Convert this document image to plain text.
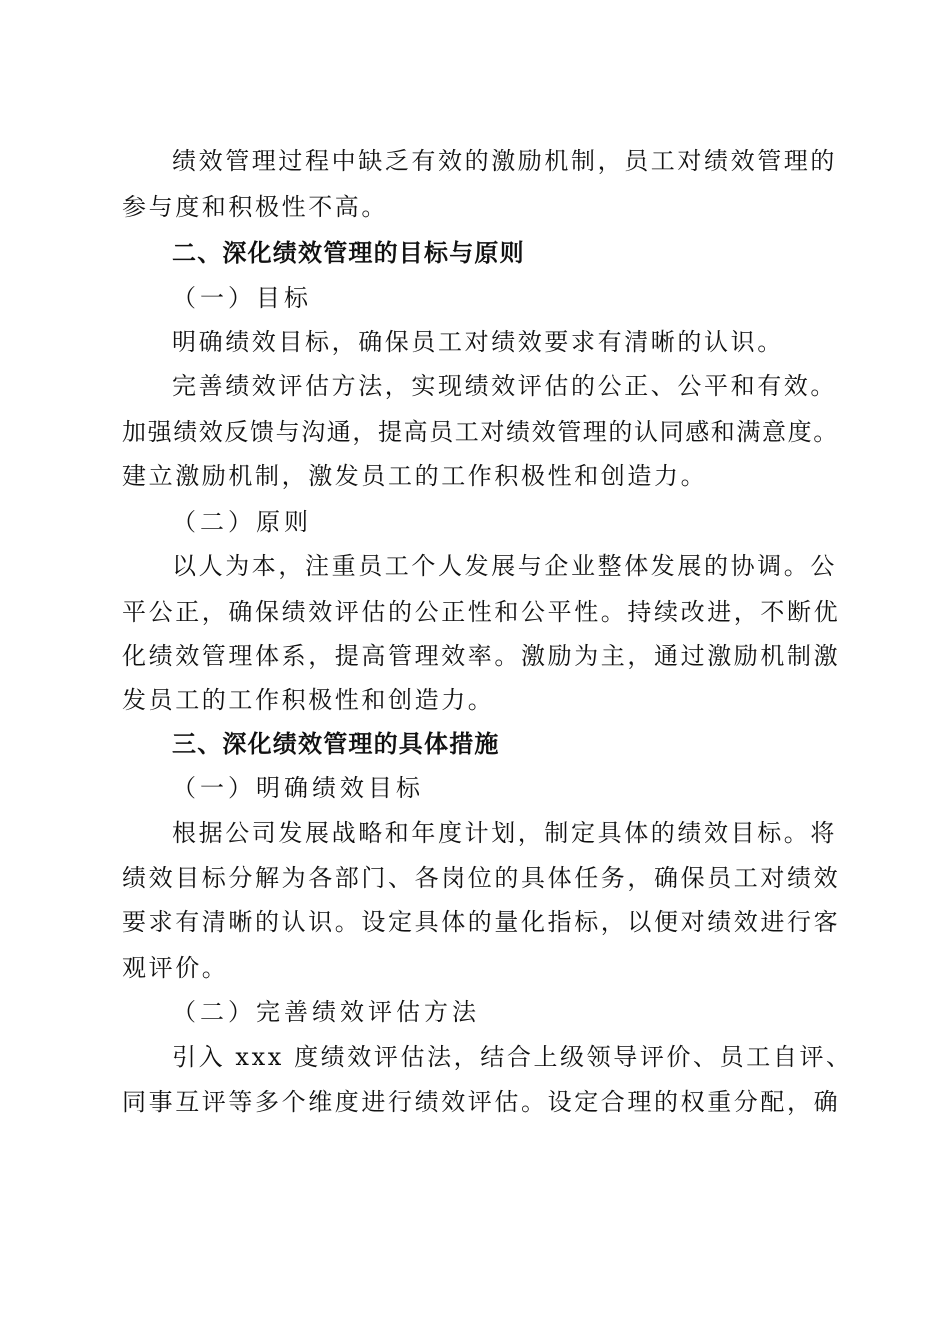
绩效管理过程中缺乏有效的激励机制，员工对绩效管理的
参与度和积极性不高。
二、深化绩效管理的目标与原则
（一）目标
明确绩效目标，确保员工对绩效要求有清晰的认识。
完善绩效评估方法，实现绩效评估的公正、公平和有效。
加强绩效反馈与沟通，提高员工对绩效管理的认同感和满意度。
建立激励机制，激发员工的工作积极性和创造力。
（二）原则
以人为本，注重员工个人发展与企业整体发展的协调。公
平公正，确保绩效评估的公正性和公平性。持续改进，不断优
化绩效管理体系，提高管理效率。激励为主，通过激励机制激
发员工的工作积极性和创造力。
三、深化绩效管理的具体措施
（一）明确绩效目标
根据公司发展战略和年度计划，制定具体的绩效目标。将
绩效目标分解为各部门、各岗位的具体任务，确保员工对绩效
要求有清晰的认识。设定具体的量化指标，以便对绩效进行客
观评价。
（二）完善绩效评估方法
引入 xxx 度绩效评估法，结合上级领导评价、员工自评、
同事互评等多个维度进行绩效评估。设定合理的权重分配，确
